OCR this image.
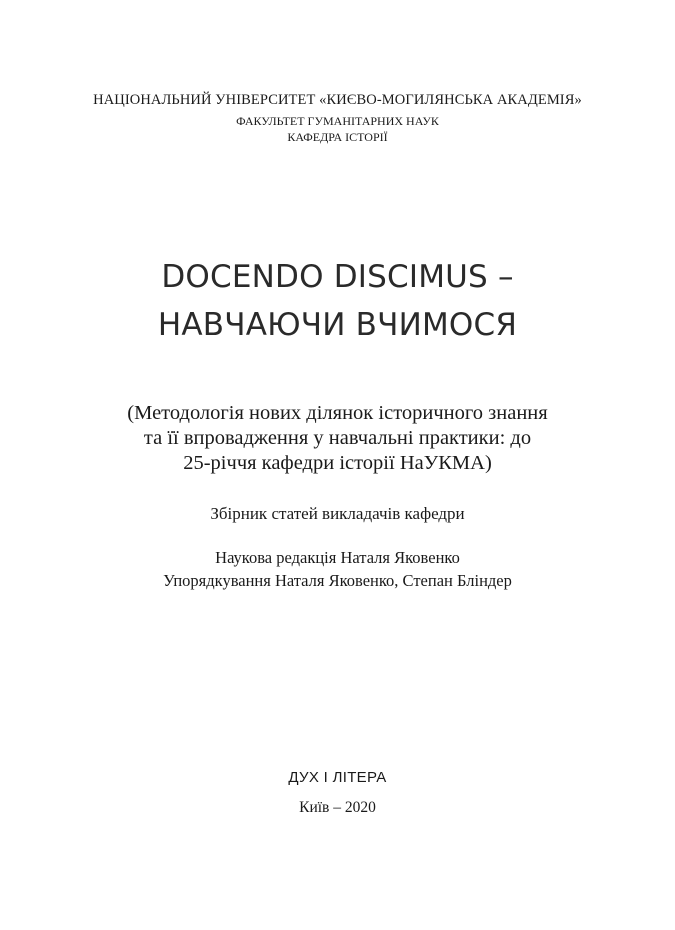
НАЦІОНАЛЬНИЙ УНІВЕРСИТЕТ «КИЄВО-МОГИЛЯНСЬКА АКАДЕМІЯ»
ФАКУЛЬТЕТ ГУМАНІТАРНИХ НАУК
КАФЕДРА ІСТОРІЇ
DOCENDO DISCIMUS –
НАВЧАЮЧИ ВЧИМОСЯ
(Методологія нових ділянок історичного знання
та її впровадження у навчальні практики: до
25-річчя кафедри історії НаУКМА)
Збірник статей викладачів кафедри
Наукова редакція Наталя Яковенко
Упорядкування Наталя Яковенко, Степан Бліндер
ДУХ І ЛІТЕРА
Київ – 2020
